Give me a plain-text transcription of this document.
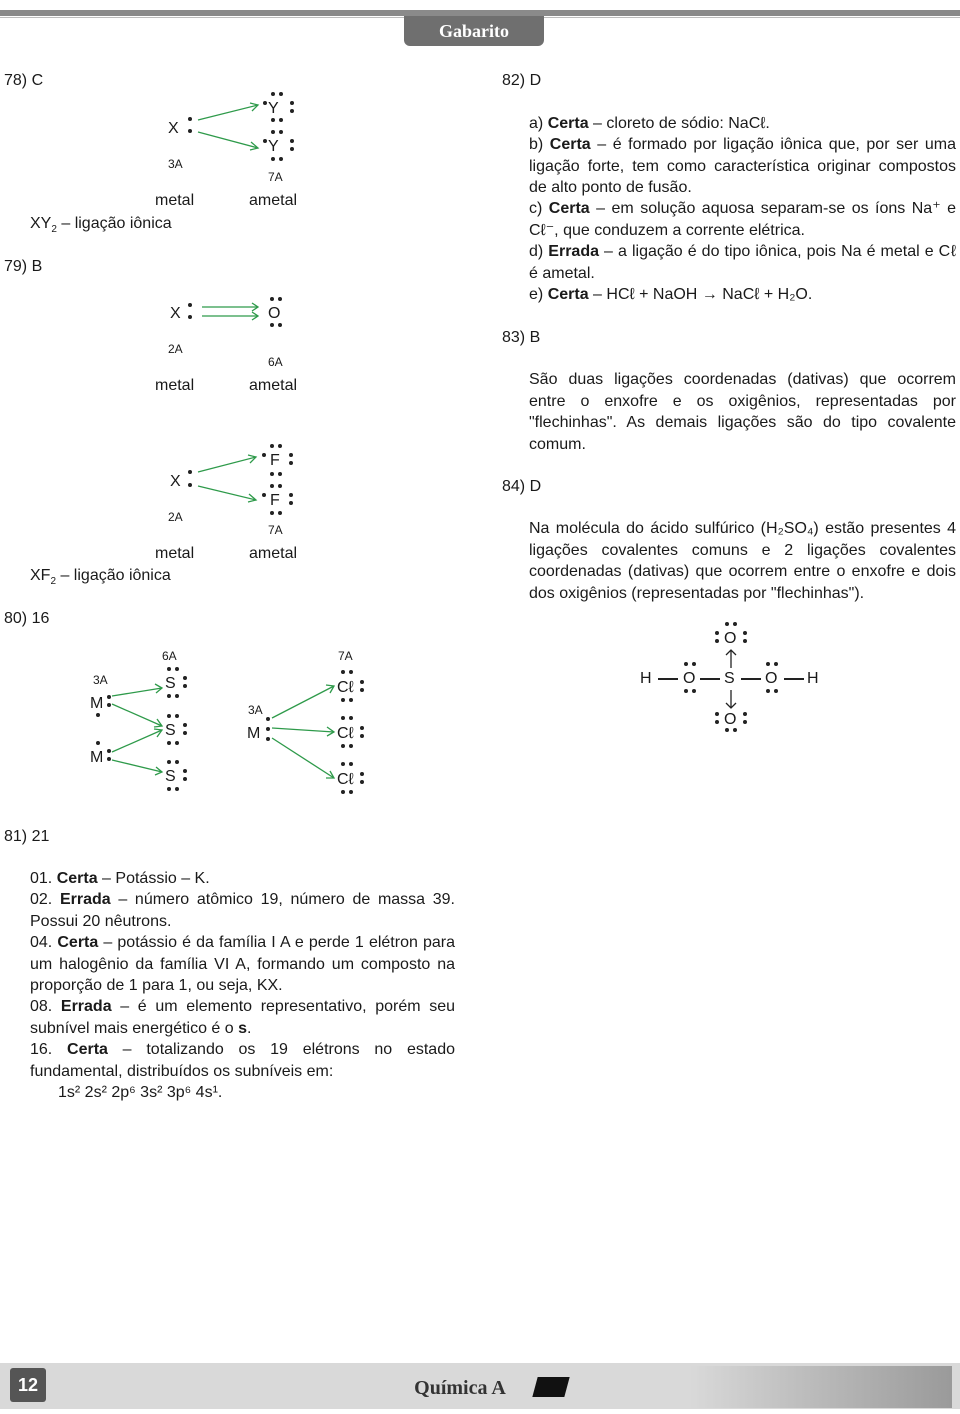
Gabarito
78) C
X
Y
Y
3A
7A
metal	ametal
$XY_2$ – ligação iônica
79) B
X	O
2A
6A
metal	ametal
X
F
F
2A
7A
metal	ametal
$XF_2$ – ligação iônica
80) 16
3A
6A
M
M
S
S
S
3A
7A
M
Cℓ
Cℓ
Cℓ
81) 21
01. Certa – Potássio – K.
02. Errada – número atômico 19, número de massa 39. Possui 20 nêutrons.
04. Certa – potássio é da família I A e perde 1 elétron para um halogênio da família VI A, formando um composto na proporção de 1 para 1, ou seja, KX.
08. Errada – é um elemento representativo, porém seu subnível mais energético é o s.
16. Certa – totalizando os 19 elétrons no estado fundamental, distribuídos os subníveis em:
1s² 2s² 2p⁶ 3s² 3p⁶ 4s¹.
82) D
a) Certa – cloreto de sódio: NaCℓ.
b) Certa – é formado por ligação iônica que, por ser uma ligação forte, tem como característica originar compostos de alto ponto de fusão.
c) Certa – em solução aquosa separam-se os íons Na⁺ e Cℓ⁻, que conduzem a corrente elétrica.
d) Errada – a ligação é do tipo iônica, pois Na é metal e Cℓ é ametal.
e) Certa – HCℓ + NaOH → NaCℓ + H₂O.
83) B
São duas ligações coordenadas (dativas) que ocorrem entre o enxofre e os oxigênios, representadas por "flechinhas". As demais ligações são do tipo covalente comum.
84) D
Na molécula do ácido sulfúrico (H₂SO₄) estão presentes 4 ligações covalentes comuns e 2 ligações covalentes coordenadas (dativas) que ocorrem entre o enxofre e dois dos oxigênios (representadas por "flechinhas").
H O S O H
O
O
12	Química A
